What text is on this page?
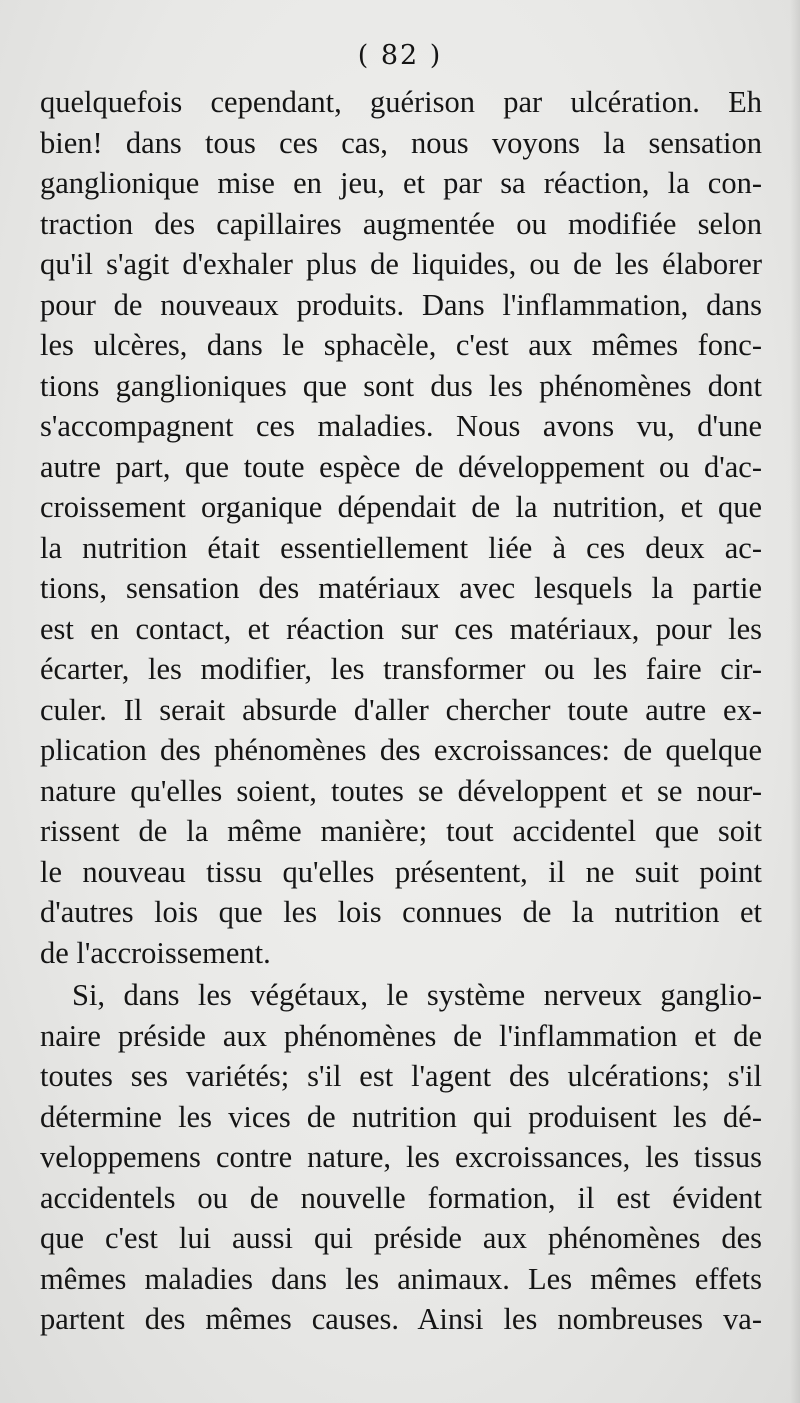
( 82 )
quelquefois cependant, guérison par ulcération. Eh
bien! dans tous ces cas, nous voyons la sensation
ganglionique mise en jeu, et par sa réaction, la con-
traction des capillaires augmentée ou modifiée selon
qu'il s'agit d'exhaler plus de liquides, ou de les élaborer
pour de nouveaux produits. Dans l'inflammation, dans
les ulcères, dans le sphacèle, c'est aux mêmes fonc-
tions ganglioniques que sont dus les phénomènes dont
s'accompagnent ces maladies. Nous avons vu, d'une
autre part, que toute espèce de développement ou d'ac-
croissement organique dépendait de la nutrition, et que
la nutrition était essentiellement liée à ces deux ac-
tions, sensation des matériaux avec lesquels la partie
est en contact, et réaction sur ces matériaux, pour les
écarter, les modifier, les transformer ou les faire cir-
culer. Il serait absurde d'aller chercher toute autre ex-
plication des phénomènes des excroissances: de quelque
nature qu'elles soient, toutes se développent et se nour-
rissent de la même manière; tout accidentel que soit
le nouveau tissu qu'elles présentent, il ne suit point
d'autres lois que les lois connues de la nutrition et
de l'accroissement.
Si, dans les végétaux, le système nerveux ganglio-
naire préside aux phénomènes de l'inflammation et de
toutes ses variétés; s'il est l'agent des ulcérations; s'il
détermine les vices de nutrition qui produisent les dé-
veloppemens contre nature, les excroissances, les tissus
accidentels ou de nouvelle formation, il est évident
que c'est lui aussi qui préside aux phénomènes des
mêmes maladies dans les animaux. Les mêmes effets
partent des mêmes causes. Ainsi les nombreuses va-
